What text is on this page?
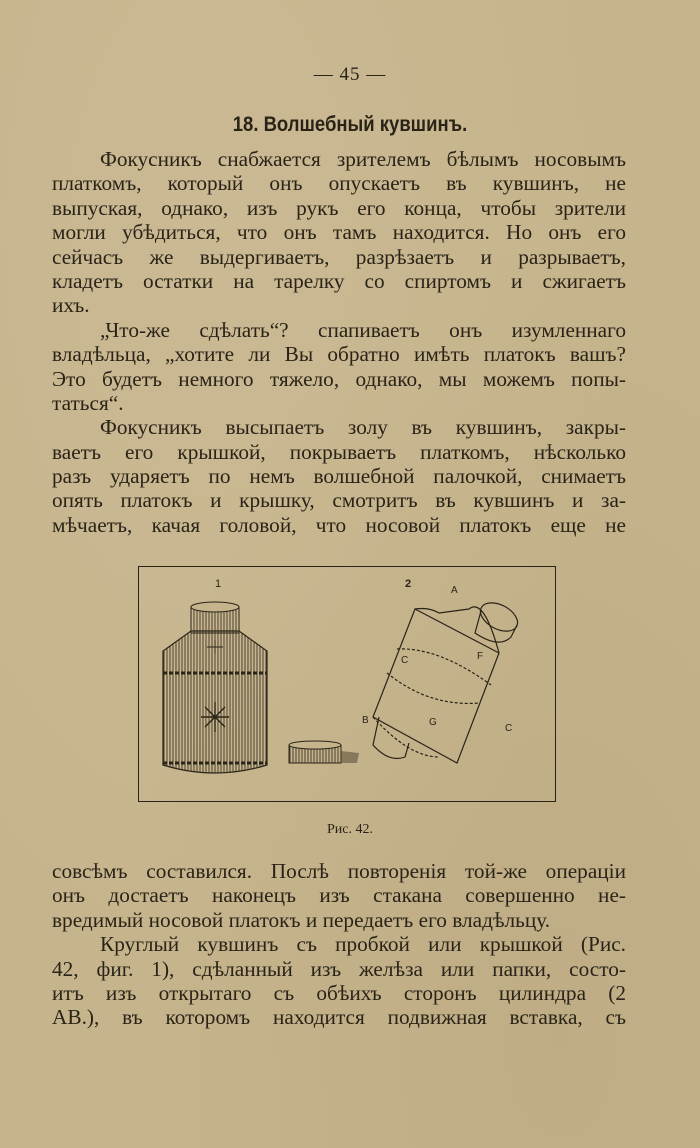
— 45 —
18. Волшебный кувшинъ.
Фокусникъ снабжается зрителемъ бѣлымъ носовымъ
платкомъ, который онъ опускаетъ въ кувшинъ, не
выпуская, однако, изъ рукъ его конца, чтобы зрители
могли убѣдиться, что онъ тамъ находится. Но онъ его
сейчасъ же выдергиваетъ, разрѣзаетъ и разрываетъ,
кладетъ остатки на тарелку со спиртомъ и сжигаетъ
ихъ.
„Что-же сдѣлать“? спапиваетъ онъ изумленнаго
владѣльца, „хотите ли Вы обратно имѣть платокъ вашъ?
Это будетъ немного тяжело, однако, мы можемъ попы-
таться“.
Фокусникъ высыпаетъ золу въ кувшинъ, закры-
ваетъ его крышкой, покрываетъ платкомъ, нѣсколько
разъ ударяетъ по немъ волшебной палочкой, снимаетъ
опять платокъ и крышку, смотритъ въ кувшинъ и за-
мѣчаетъ, качая головой, что носовой платокъ еще не
1	2
A
B
C
C
F
G
Рис. 42.
совсѣмъ составился. Послѣ повторенія той-же операціи
онъ достаетъ наконецъ изъ стакана совершенно не-
вредимый носовой платокъ и передаетъ его владѣльцу.
Круглый кувшинъ съ пробкой или крышкой (Рис.
42, фиг. 1), сдѣланный изъ желѣза или папки, состо-
итъ изъ открытаго съ обѣихъ сторонъ цилиндра (2
АВ.), въ которомъ находится подвижная вставка, съ
